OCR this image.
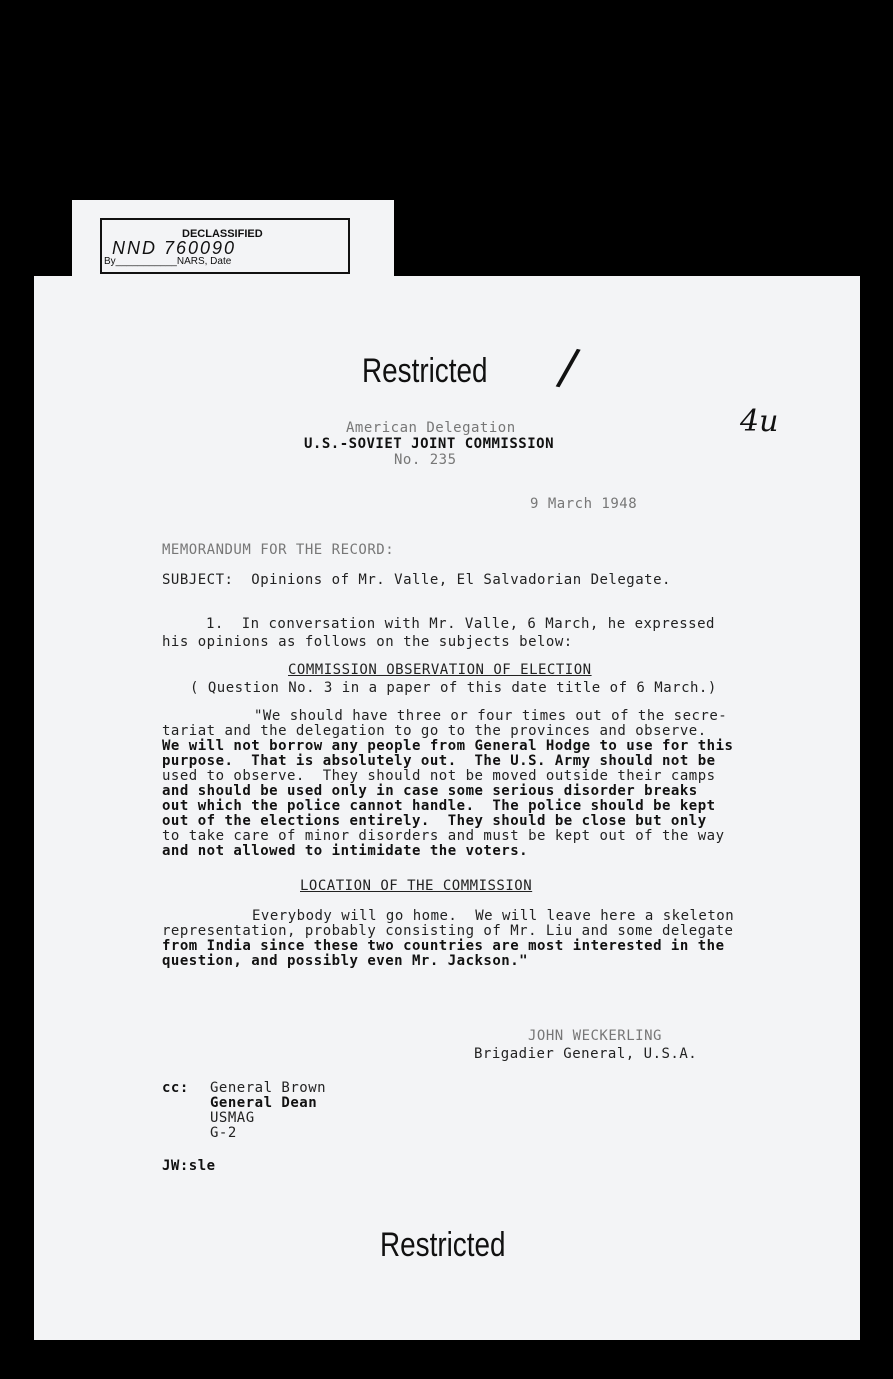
DECLASSIFIED
NND 760090
By___________NARS, Date
Restricted /
4u
American Delegation
U.S.-SOVIET JOINT COMMISSION
No. 235
9 March 1948
MEMORANDUM FOR THE RECORD:
SUBJECT:  Opinions of Mr. Valle, El Salvadorian Delegate.
1.  In conversation with Mr. Valle, 6 March, he expressed
his opinions as follows on the subjects below:
COMMISSION OBSERVATION OF ELECTION
( Question No. 3 in a paper of this date title of 6 March.)
"We should have three or four times out of the secre-
tariat and the delegation to go to the provinces and observe.
We will not borrow any people from General Hodge to use for this
purpose.  That is absolutely out.  The U.S. Army should not be
used to observe.  They should not be moved outside their camps
and should be used only in case some serious disorder breaks
out which the police cannot handle.  The police should be kept
out of the elections entirely.  They should be close but only
to take care of minor disorders and must be kept out of the way
and not allowed to intimidate the voters.
LOCATION OF THE COMMISSION
Everybody will go home.  We will leave here a skeleton
representation, probably consisting of Mr. Liu and some delegate
from India since these two countries are most interested in the
question, and possibly even Mr. Jackson."
JOHN WECKERLING
Brigadier General, U.S.A.
cc: General Brown
General Dean
USMAG
G-2
JW:sle
Restricted
